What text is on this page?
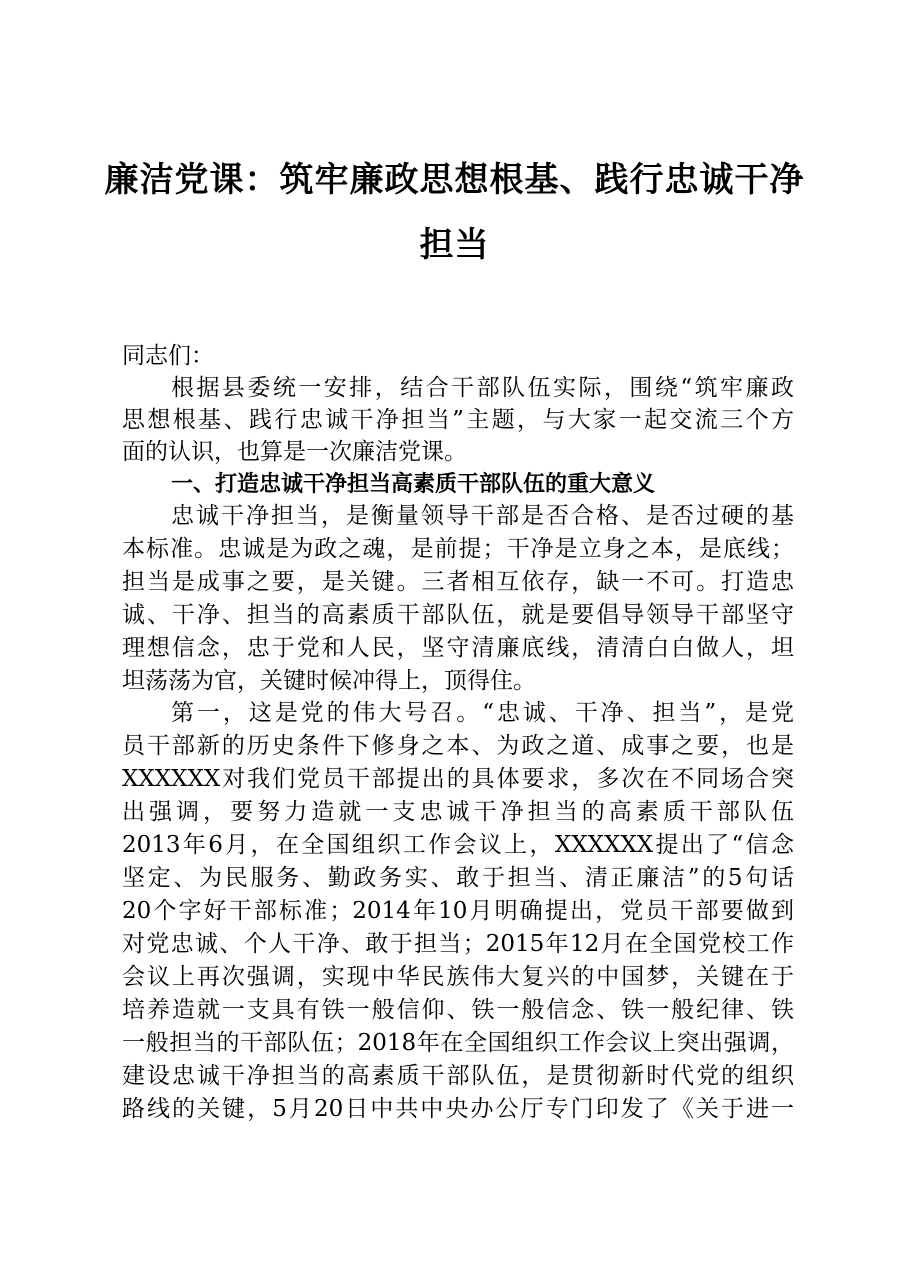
廉洁党课：筑牢廉政思想根基、践行忠诚干净
担当
同志们：
根据县委统一安排，结合干部队伍实际，围绕“筑牢廉政
思想根基、践行忠诚干净担当”主题，与大家一起交流三个方
面的认识，也算是一次廉洁党课。
一、打造忠诚干净担当高素质干部队伍的重大意义
忠诚干净担当，是衡量领导干部是否合格、是否过硬的基
本标准。忠诚是为政之魂，是前提；干净是立身之本，是底线；
担当是成事之要，是关键。三者相互依存，缺一不可。打造忠
诚、干净、担当的高素质干部队伍，就是要倡导领导干部坚守
理想信念，忠于党和人民，坚守清廉底线，清清白白做人，坦
坦荡荡为官，关键时候冲得上，顶得住。
第一，这是党的伟大号召。“忠诚、干净、担当”，是党
员干部新的历史条件下修身之本、为政之道、成事之要，也是
XXXXXX对我们党员干部提出的具体要求，多次在不同场合突
出强调，要努力造就一支忠诚干净担当的高素质干部队伍
2013年6月，在全国组织工作会议上，XXXXXX提出了“信念
坚定、为民服务、勤政务实、敢于担当、清正廉洁”的5句话
20个字好干部标准；2014年10月明确提出，党员干部要做到
对党忠诚、个人干净、敢于担当；2015年12月在全国党校工作
会议上再次强调，实现中华民族伟大复兴的中国梦，关键在于
培养造就一支具有铁一般信仰、铁一般信念、铁一般纪律、铁
一般担当的干部队伍；2018年在全国组织工作会议上突出强调，
建设忠诚干净担当的高素质干部队伍，是贯彻新时代党的组织
路线的关键，5月20日中共中央办公厅专门印发了《关于进一
